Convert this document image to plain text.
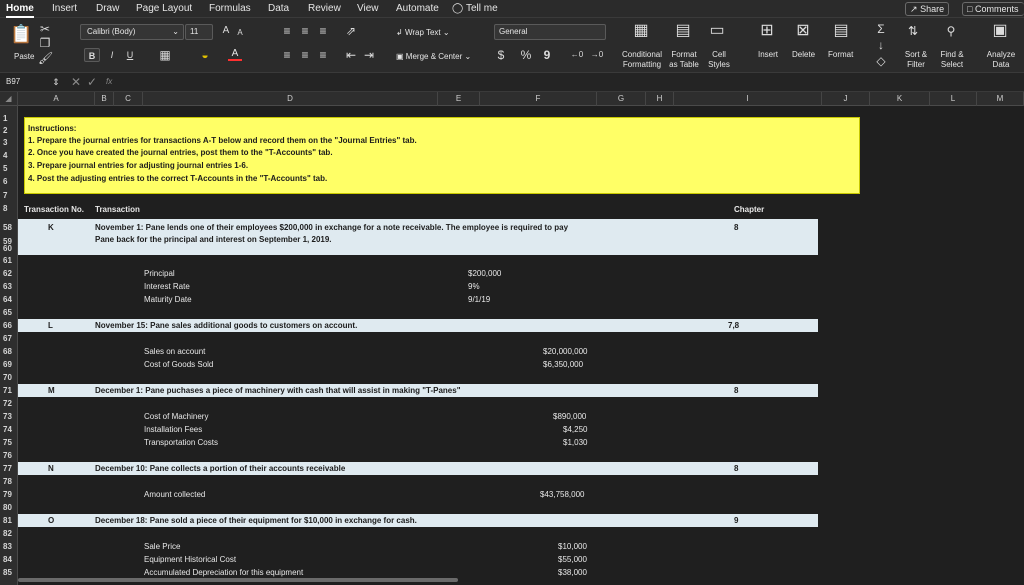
Home Insert Draw Page Layout Formulas Data Review View Automate ◯ Tell me	↗ Share	□ Comments
📋
Paste
✂
❐
🖌
Calibri (Body)	⌄	11	A	A
B	I	U ▦	◒	A
≡ ≡ ≡ ⇗
≡ ≡ ≡ ⇤ ⇥
↲ Wrap Text ⌄
▣ Merge & Center ⌄
General
$ % 9	←0 →0
▦
Conditional
Formatting
▤
Format
as Table
▭
Cell
Styles
⊞
Insert
⊠
Delete
▤
Format
Σ
↓
◇
⇅
Sort &
Filter
⚲
Find &
Select
▣
Analyze
Data
B97	⇕ ✕ ✓ fx
◢	A	B	C	D	E	F	G	H	I	J	K	L	M
1
2
3
4
5
6
7
8
58
59
60
61
62
63
64
65
66
67
68
69
70
71
72
73
74
75
76
77
78
79
80
81
82
83
84
85
Instructions:
1. Prepare the journal entries for transactions A-T below and record them on the "Journal Entries" tab.
2. Once you have created the journal entries, post them to the "T-Accounts" tab.
3. Prepare journal entries for adjusting journal entries 1-6.
4. Post the adjusting entries to the correct T-Accounts in the "T-Accounts" tab.
Transaction No. Transaction	Chapter
K	November 1: Pane lends one of their employees $200,000 in exchange for a note receivable. The employee is required to pay
Pane back for the principal and interest on September 1, 2019.
8
Principal	$200,000
Interest Rate	9%
Maturity Date	9/1/19
L	November 15: Pane sales additional goods to customers on account.	7,8
Sales on account	$20,000,000
Cost of Goods Sold	$6,350,000
M	December 1: Pane puchases a piece of machinery with cash that will assist in making "T-Panes"	8
Cost of Machinery	$890,000
Installation Fees	$4,250
Transportation Costs	$1,030
N	December 10: Pane collects a portion of their accounts receivable	8
Amount collected	$43,758,000
O	December 18: Pane sold a piece of their equipment for $10,000 in exchange for cash.	9
Sale Price	$10,000
Equipment Historical Cost	$55,000
Accumulated Depreciation for this equipment	$38,000
